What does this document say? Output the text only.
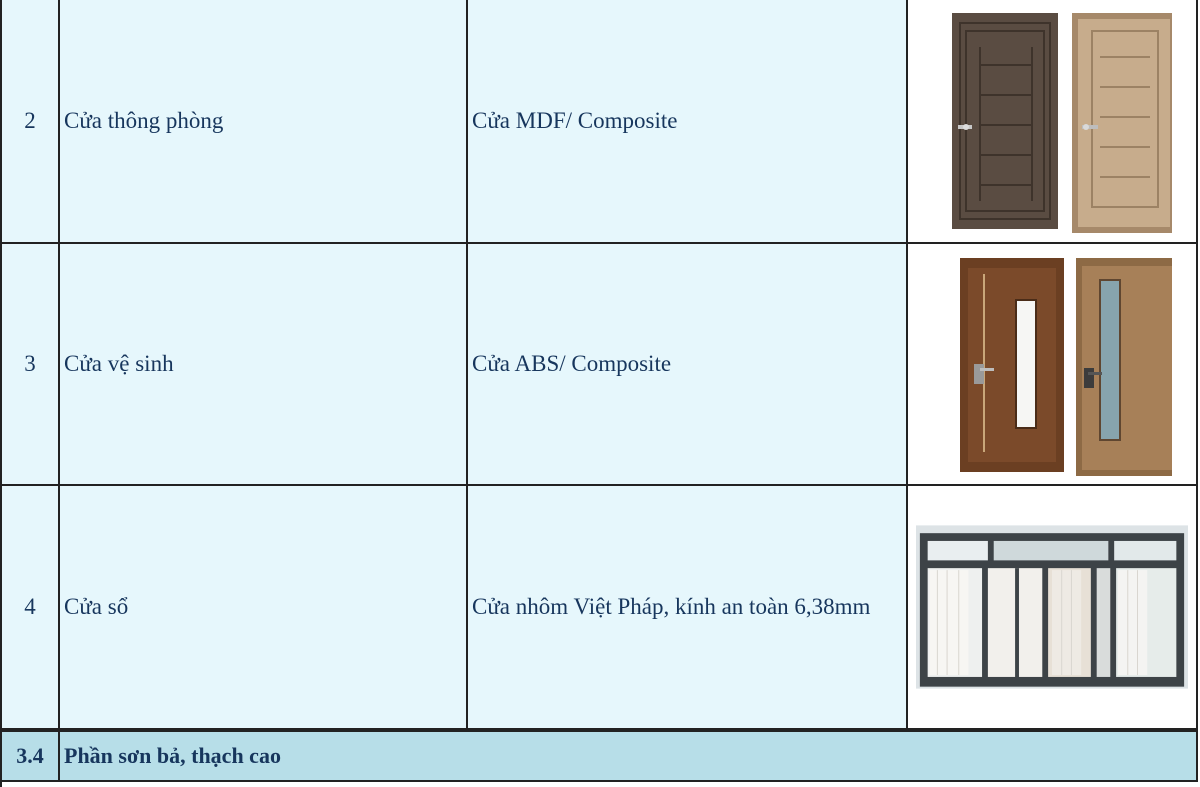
2 Cửa thông phòng	Cửa MDF/ Composite
3 Cửa vệ sinh	Cửa ABS/ Composite
4 Cửa sổ	Cửa nhôm Việt Pháp, kính an toàn 6,38mm
3.4 Phần sơn bả, thạch cao
